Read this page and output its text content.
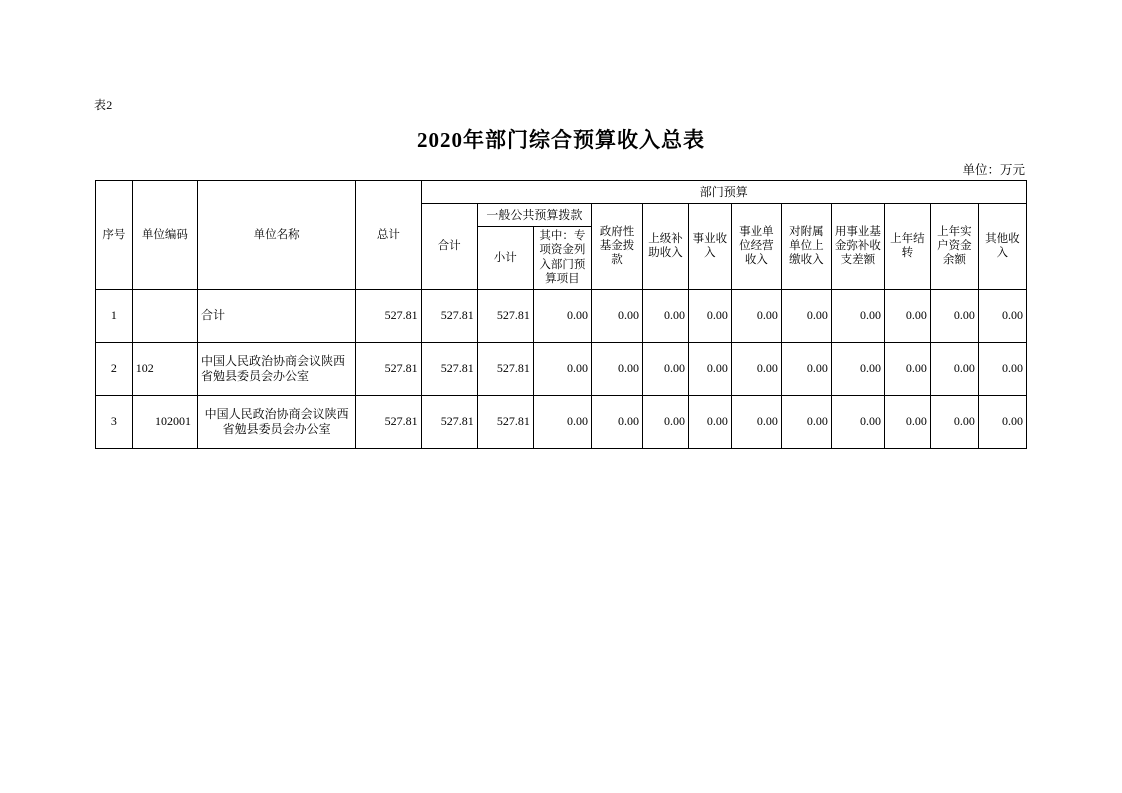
表2
2020年部门综合预算收入总表
单位：万元
序号	单位编码	单位名称	总计	部门预算											
				合计	一般公共预算拨款		政府性基金拨款	上级补助收入	事业收入	事业单位经营收入	对附属单位上缴收入	用事业基金弥补收支差额	上年结转	上年实户资金余额	其他收入
					小计	其中：专项资金列入部门预算项目									

1		合计	527.81	527.81	527.81	0.00	0.00	0.00	0.00	0.00	0.00	0.00	0.00	0.00	0.00
2	102	中国人民政治协商会议陕西省勉县委员会办公室	527.81	527.81	527.81	0.00	0.00	0.00	0.00	0.00	0.00	0.00	0.00	0.00	0.00
3	102001	中国人民政治协商会议陕西省勉县委员会办公室	527.81	527.81	527.81	0.00	0.00	0.00	0.00	0.00	0.00	0.00	0.00	0.00	0.00
